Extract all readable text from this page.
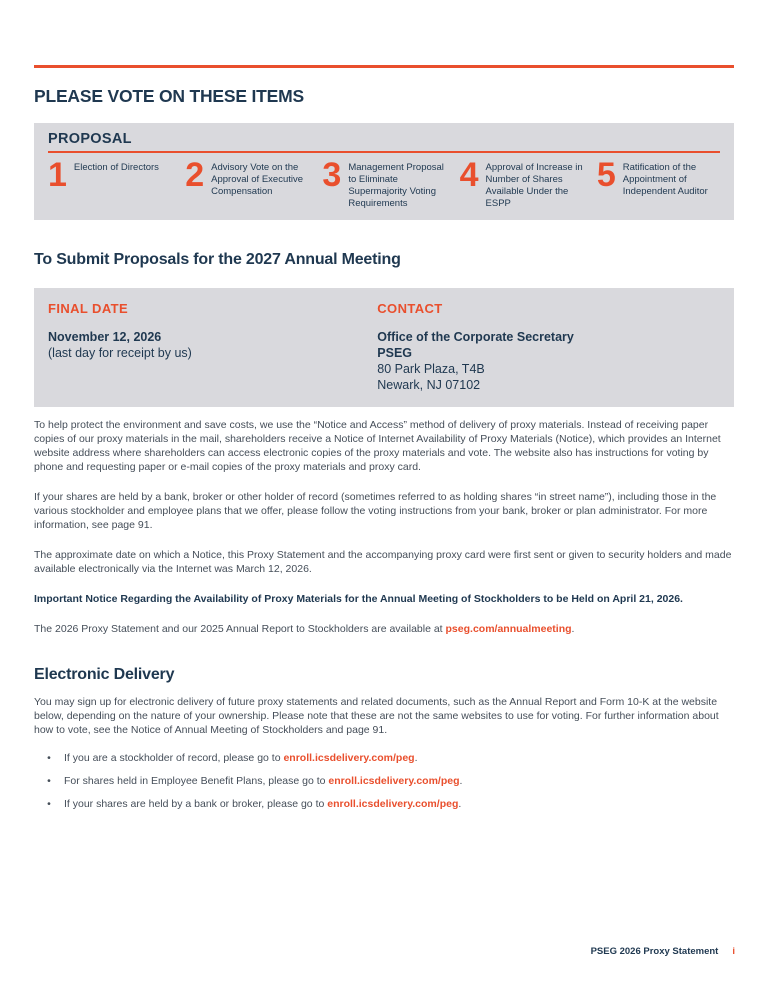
PLEASE VOTE ON THESE ITEMS
PROPOSAL
1 Election of Directors 2 Advisory Vote on the Approval of Executive Compensation	3 Management Proposal to Eliminate Supermajority Voting Requirements
4 Approval of Increase in Number of Shares Available Under the ESPP
5 Ratification of the Appointment of Independent Auditor
To Submit Proposals for the 2027 Annual Meeting
FINAL DATE
November 12, 2026
(last day for receipt by us)
CONTACT
Office of the Corporate Secretary
PSEG
80 Park Plaza, T4B
Newark, NJ 07102

To help protect the environment and save costs, we use the “Notice and Access” method of delivery of proxy materials. Instead of receiving paper copies of our proxy materials in the mail, shareholders receive a Notice of Internet Availability of Proxy Materials (Notice), which provides an Internet website address where shareholders can access electronic copies of the proxy materials and vote. The website also has instructions for voting by phone and requesting paper or e-mail copies of the proxy materials and proxy card.

If your shares are held by a bank, broker or other holder of record (sometimes referred to as holding shares “in street name”), including those in the various stockholder and employee plans that we offer, please follow the voting instructions from your bank, broker or plan administrator. For more information, see page 91.

The approximate date on which a Notice, this Proxy Statement and the accompanying proxy card were first sent or given to security holders and made available electronically via the Internet was March 12, 2026.

Important Notice Regarding the Availability of Proxy Materials for the Annual Meeting of Stockholders to be Held on April 21, 2026.

The 2026 Proxy Statement and our 2025 Annual Report to Stockholders are available at pseg.com/annualmeeting.

Electronic Delivery

You may sign up for electronic delivery of future proxy statements and related documents, such as the Annual Report and Form 10-K at the website below, depending on the nature of your ownership. Please note that these are not the same websites to use for voting. For further information about how to vote, see the Notice of Annual Meeting of Stockholders and page 91.

•	If you are a stockholder of record, please go to enroll.icsdelivery.com/peg.
•	For shares held in Employee Benefit Plans, please go to enroll.icsdelivery.com/peg.
•	If your shares are held by a bank or broker, please go to enroll.icsdelivery.com/peg.
PSEG 2026 Proxy Statement i
